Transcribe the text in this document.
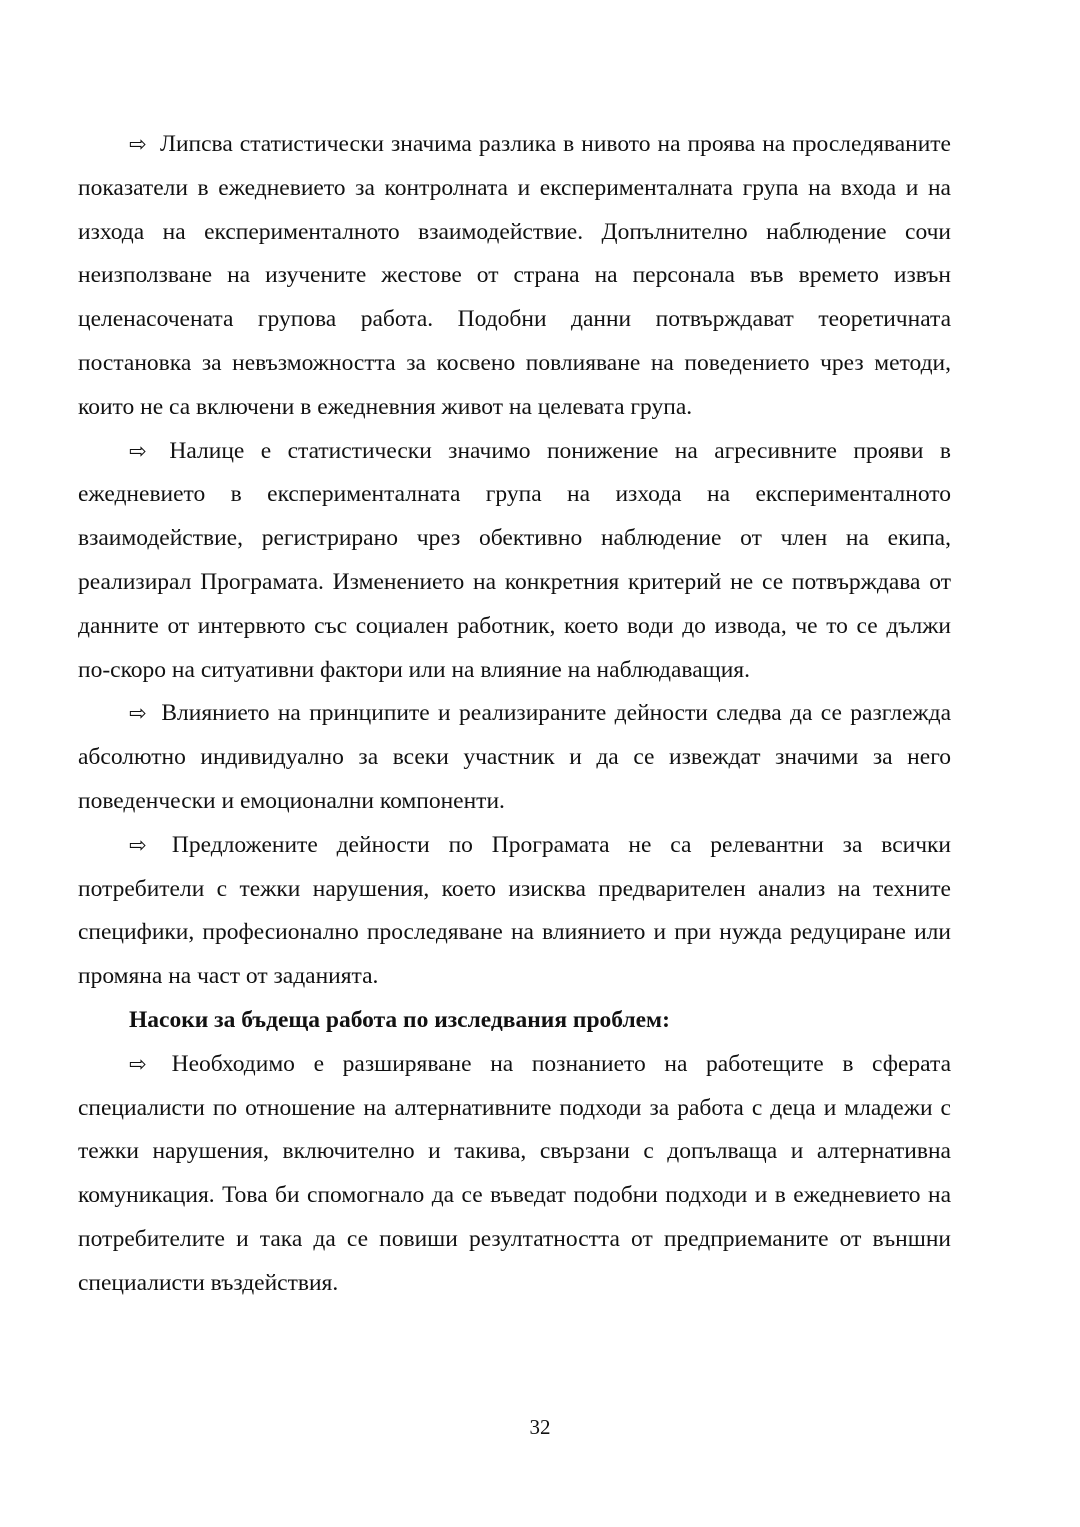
⇨ Липсва статистически значима разлика в нивото на проява на проследяваните показатели в ежедневието за контролната и експерименталната група на входа и на изхода на експерименталното взаимодействие. Допълнително наблюдение сочи неизползване на изучените жестове от страна на персонала във времето извън целенасочената групова работа. Подобни данни потвърждават теоретичната постановка за невъзможността за косвено повлияване на поведението чрез методи, които не са включени в ежедневния живот на целевата група.

⇨ Налице е статистически значимо понижение на агресивните прояви в ежедневието в експерименталната група на изхода на експерименталното взаимодействие, регистрирано чрез обективно наблюдение от член на екипа, реализирал Програмата. Изменението на конкретния критерий не се потвърждава от данните от интервюто със социален работник, което води до извода, че то се дължи по-скоро на ситуативни фактори или на влияние на наблюдаващия.

⇨ Влиянието на принципите и реализираните дейности следва да се разглежда абсолютно индивидуално за всеки участник и да се извеждат значими за него поведенчески и емоционални компоненти.

⇨ Предложените дейности по Програмата не са релевантни за всички потребители с тежки нарушения, което изисква предварителен анализ на техните специфики, професионално проследяване на влиянието и при нужда редуциране или промяна на част от заданията.

Насоки за бъдеща работа по изследвания проблем:

⇨ Необходимо е разширяване на познанието на работещите в сферата специалисти по отношение на алтернативните подходи за работа с деца и младежи с тежки нарушения, включително и такива, свързани с допълваща и алтернативна комуникация. Това би спомогнало да се въведат подобни подходи и в ежедневието на потребителите и така да се повиши резултатността от предприеманите от външни специалисти въздействия.

32
